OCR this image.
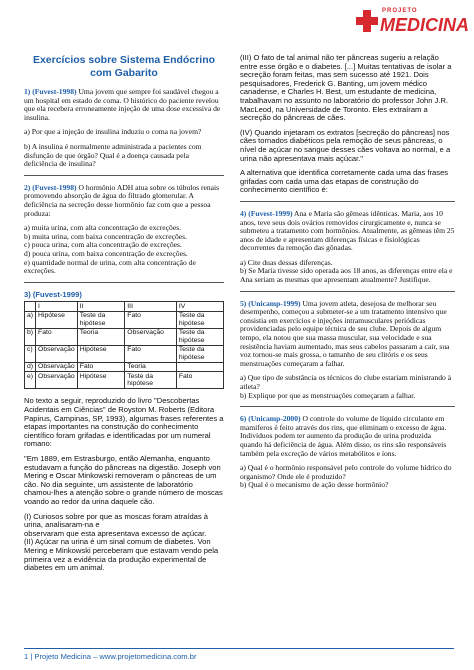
PROJETO
MEDICINA
Exercícios sobre Sistema Endócrino com Gabarito

1) (Fuvest-1998) Uma jovem que sempre foi saudável chegou a um hospital em estado de coma. O histórico do paciente revelou que ela recebera erroneamente injeção de uma dose excessiva de insulina.

a) Por que a injeção de insulina induziu o coma na jovem?

b) A insulina é normalmente administrada a pacientes com disfunção de que órgão? Qual é a doença causada pela deficiência de insulina?

2) (Fuvest-1998) O hormônio ADH atua sobre os túbulos renais promovendo absorção de água do filtrado glomerular. A deficiência na secreção desse hormônio faz com que a pessoa produza:

a) muita urina, com alta concentração de excreções.
b) muita urina, com baixa concentração de excreções.
c) pouca urina, com alta concentração de excreções.
d) pouca urina, com baixa concentração de excreções.
e) quantidade normal de urina, com alta concentração de excreções.
3) (Fuvest-1999)
	I	II	III	IV
a)	Hipótese	Teste da hipótese	Fato	Teste da hipótese
b)	Fato	Teoria	Observação	Teste da hipótese
c)	Observação	Hipótese	Fato	Teste da hipótese
d)	Observação	Fato	Teoria	
e)	Observação	Hipótese	Teste da hipótese	Fato

No texto a seguir, reproduzido do livro "Descobertas Acidentais em Ciências" de Royston M. Roberts (Editora Papirus, Campinas, SP, 1993), algumas frases referentes a etapas importantes na construção do conhecimento científico foram grifadas e identificadas por um numeral romano:

"Em 1889, em Estrasburgo, então Alemanha, enquanto estudavam a função do pâncreas na digestão. Joseph von Mering e Oscar Minkowski removeram o pâncreas de um cão. No dia seguinte, um assistente de laboratório chamou-lhes a atenção sobre o grande número de moscas voando ao redor da urina daquele cão.

(I) Curiosos sobre por que as moscas foram atraídas à urina, analisaram-na e
observaram que esta apresentava excesso de açúcar.
(II) Açúcar na urina é um sinal comum de diabetes. Von Mering e Minkowski perceberam que estavam vendo pela primeira vez a evidência da produção experimental de diabetes em um animal.

(III) O fato de tal animal não ter pâncreas sugeriu a relação entre esse órgão e o diabetes. [...] Muitas tentativas de isolar a secreção foram feitas, mas sem sucesso até 1921. Dois pesquisadores, Frederick G. Banting, um jovem médico canadense, e Charles H. Best, um estudante de medicina, trabalhavam no assunto no laboratório do professor John J.R. MacLeod, na Universidade de Toronto. Eles extraíram a secreção do pâncreas de cães.

(IV) Quando injetaram os extratos [secreção do pâncreas] nos cães tornados diabéticos pela remoção de seus pâncreas, o nível de açúcar no sangue desses cães voltava ao normal, e a urina não apresentava mais açúcar."

A alternativa que identifica corretamente cada uma das frases grifadas com cada uma das etapas de construção do conhecimento científico é:

4) (Fuvest-1999) Ana e Maria são gêmeas idênticas. Maria, aos 10 anos, teve seus dois ovários removidos cirurgicamente e, nunca se submeteu a tratamento com hormônios. Atualmente, as gêmeas têm 25 anos de idade e apresentam diferenças físicas e fisiológicas decorrentes da remoção das gônadas.

a) Cite duas dessas diferenças.
b) Se Maria tivesse sido operada aos 18 anos, as diferenças entre ela e Ana seriam as mesmas que apresentam atualmente? Justifique.

5) (Unicamp-1999) Uma jovem atleta, desejosa de melhorar seu desempenho, começou a submeter-se a um tratamento intensivo que consistia em exercícios e injeções intramusculares periódicas providenciadas pelo equipe técnica de seu clube. Depois de algum tempo, ela notou que sua massa muscular, sua velocidade e sua resistência haviam aumentado, mas seus cabelos passaram a cair, sua voz tornou-se mais grossa, o tamanho de seu clitóris e os seus menstruações começaram a falhar.

a) Que tipo de substância os técnicos do clube estariam ministrando à atleta?
b) Explique por que as menstruações começaram a falhar.

6) (Unicamp-2000) O controle do volume de líquido circulante em mamíferos é feito através dos rins, que eliminam o excesso de água. Indivíduos podem ter aumento da produção de urina produzida quando há deficiência de água. Além disso, os rins são responsáveis também pela excreção de vários metabólitos e íons.

a) Qual é o hormônio responsável pelo controle do volume hídrico do organismo? Onde ele é produzido?
b) Qual é o mecanismo de ação desse hormônio?
1 | Projeto Medicina – www.projetomedicina.com.br
